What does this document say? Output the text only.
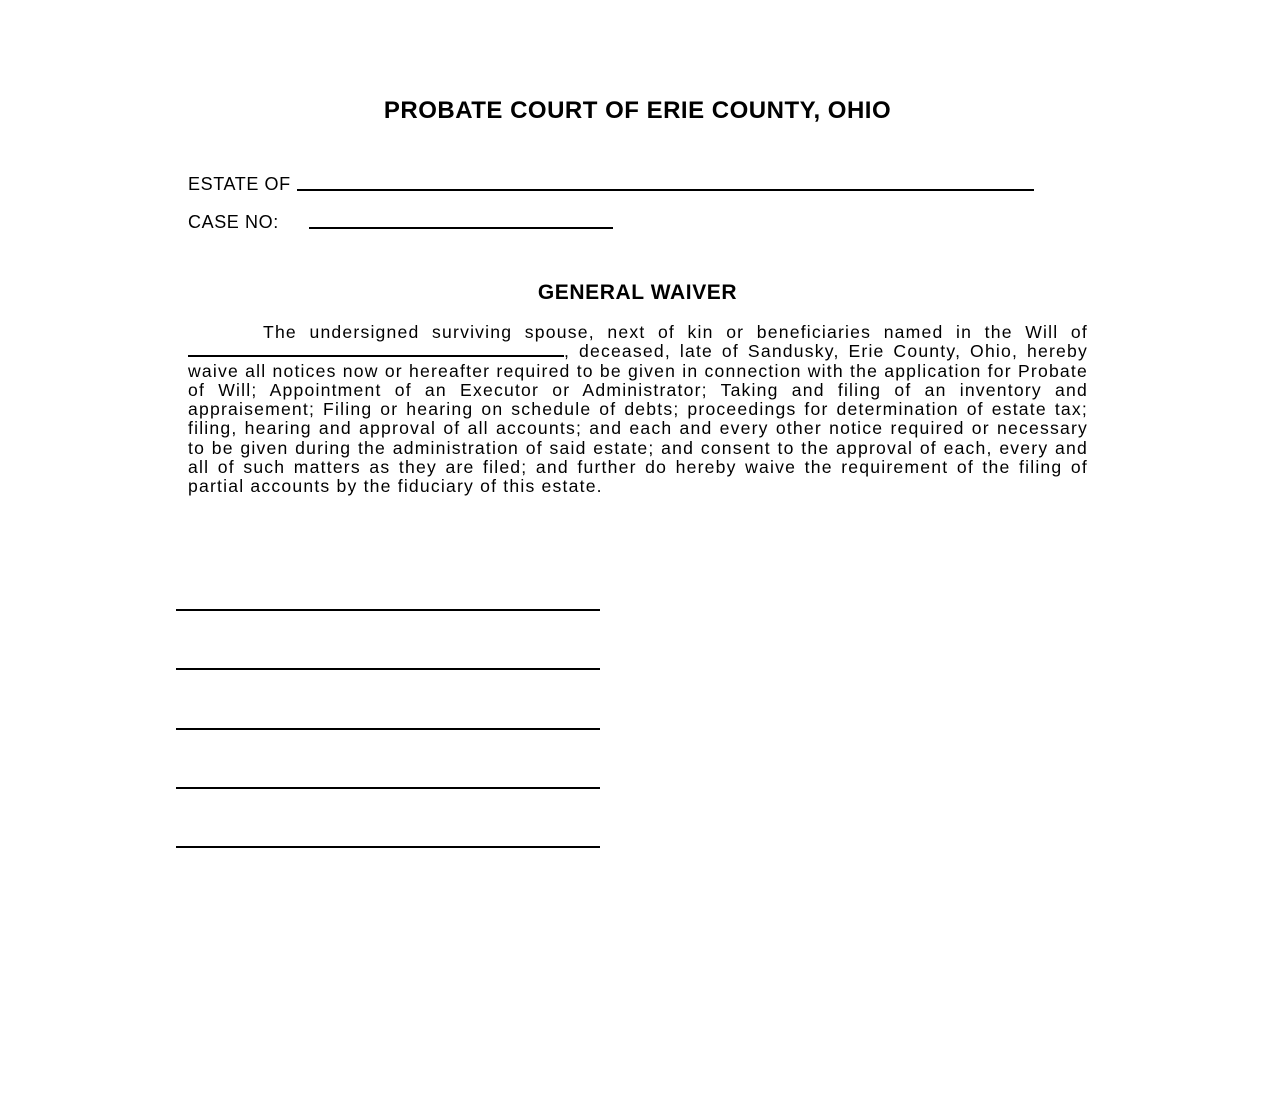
PROBATE COURT OF ERIE COUNTY, OHIO
ESTATE OF
CASE NO:
GENERAL WAIVER

The undersigned surviving spouse, next of kin or beneficiaries named in the Will of , deceased, late of Sandusky, Erie County, Ohio, hereby waive all notices now or hereafter required to be given in connection with the application for Probate of Will; Appointment of an Executor or Administrator; Taking and filing of an inventory and appraisement; Filing or hearing on schedule of debts; proceedings for determination of estate tax; filing, hearing and approval of all accounts; and each and every other notice required or necessary to be given during the administration of said estate; and consent to the approval of each, every and all of such matters as they are filed; and further do hereby waive the requirement of the filing of partial accounts by the fiduciary of this estate.
